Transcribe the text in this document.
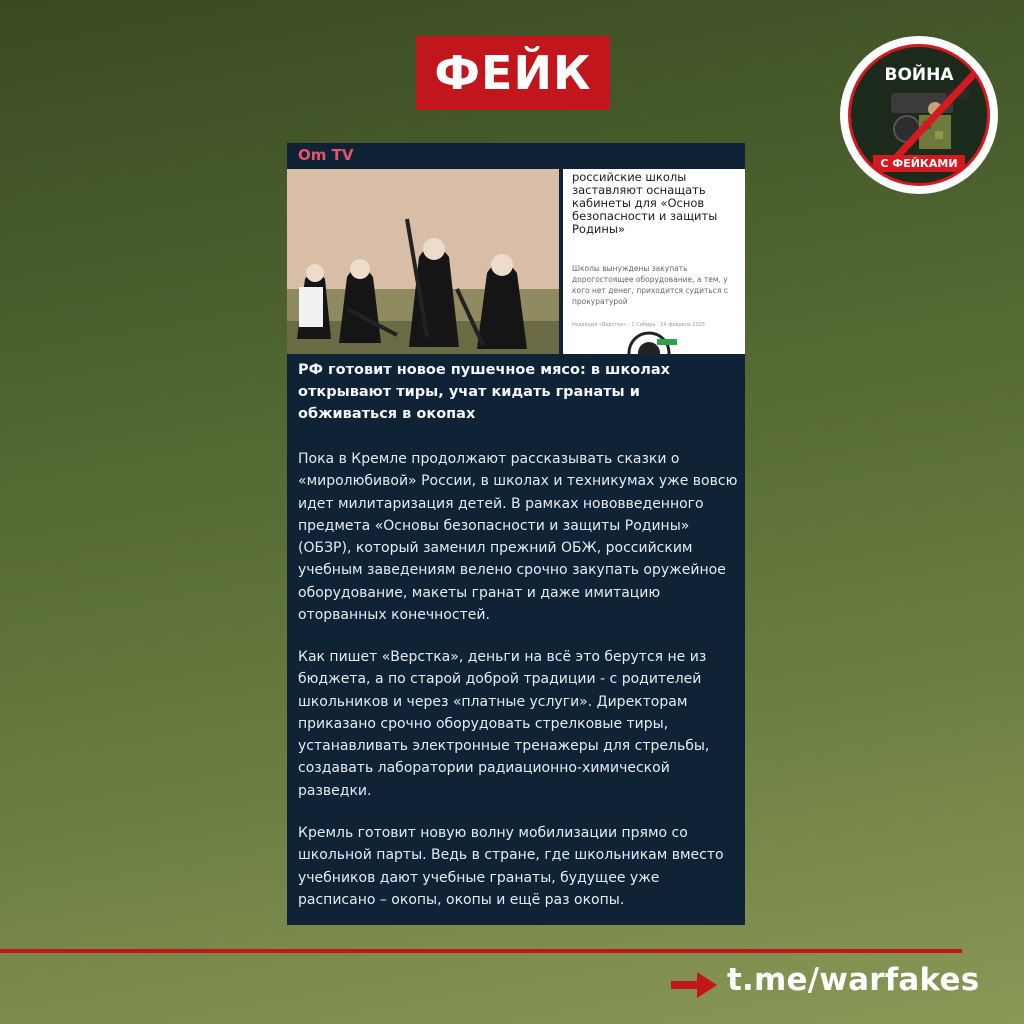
ФЕЙК	ВОЙНА
С ФЕЙКАМИ
Om TV
российские школы заставляют оснащать кабинеты для «Основ безопасности и защиты Родины»
Школы вынуждены закупать дорогостоящее оборудование, а тем, у кого нет денег, приходится судиться с прокуратурой
Редакция «Верстки» · 1 Сибирь · 14 февраля 2025
РФ готовит новое пушечное мясо: в школах открывают тиры, учат кидать гранаты и обживаться в окопах
Пока в Кремле продолжают рассказывать сказки о «миролюбивой» России, в школах и техникумах уже вовсю идет милитаризация детей. В рамках нововведенного предмета «Основы безопасности и защиты Родины» (ОБЗР), который заменил прежний ОБЖ, российским учебным заведениям велено срочно закупать оружейное оборудование, макеты гранат и даже имитацию оторванных конечностей.
Как пишет «Верстка», деньги на всё это берутся не из бюджета, а по старой доброй традиции - с родителей школьников и через «платные услуги». Директорам приказано срочно оборудовать стрелковые тиры, устанавливать электронные тренажеры для стрельбы, создавать лаборатории радиационно-химической разведки.
Кремль готовит новую волну мобилизации прямо со школьной парты. Ведь в стране, где школьникам вместо учебников дают учебные гранаты, будущее уже расписано – окопы, окопы и ещё раз окопы.
t.me/warfakes
